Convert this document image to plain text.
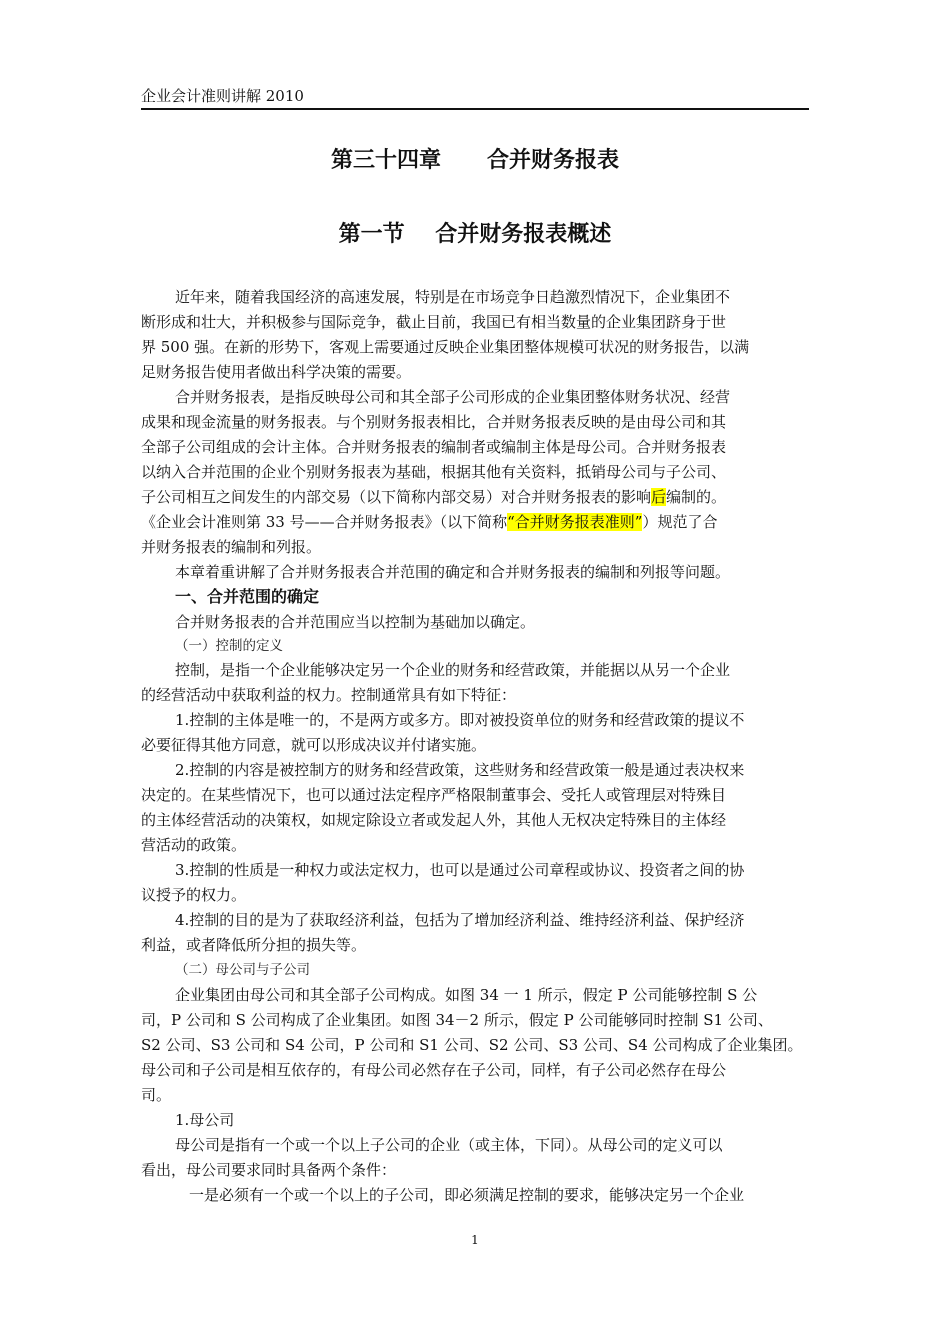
企业会计准则讲解 2010
第三十四章      合并财务报表
第一节    合并财务报表概述
近年来，随着我国经济的高速发展，特别是在市场竞争日趋激烈情况下，企业集团不
断形成和壮大，并积极参与国际竞争，截止目前，我国已有相当数量的企业集团跻身于世
界 500 强。在新的形势下，客观上需要通过反映企业集团整体规模可状况的财务报告，以满
足财务报告使用者做出科学决策的需要。
合并财务报表，是指反映母公司和其全部子公司形成的企业集团整体财务状况、经营
成果和现金流量的财务报表。与个别财务报表相比，合并财务报表反映的是由母公司和其
全部子公司组成的会计主体。合并财务报表的编制者或编制主体是母公司。合并财务报表
以纳入合并范围的企业个别财务报表为基础，根据其他有关资料，抵销母公司与子公司、
子公司相互之间发生的内部交易（以下简称内部交易）对合并财务报表的影响后编制的。
《企业会计准则第 33 号——合并财务报表》（以下简称“合并财务报表准则”）规范了合
并财务报表的编制和列报。
本章着重讲解了合并财务报表合并范围的确定和合并财务报表的编制和列报等问题。
一、合并范围的确定
合并财务报表的合并范围应当以控制为基础加以确定。
（一）控制的定义
控制，是指一个企业能够决定另一个企业的财务和经营政策，并能据以从另一个企业
的经营活动中获取利益的权力。控制通常具有如下特征：
1.控制的主体是唯一的，不是两方或多方。即对被投资单位的财务和经营政策的提议不
必要征得其他方同意，就可以形成决议并付诸实施。
2.控制的内容是被控制方的财务和经营政策，这些财务和经营政策一般是通过表决权来
决定的。在某些情况下，也可以通过法定程序严格限制董事会、受托人或管理层对特殊目
的主体经营活动的决策权，如规定除设立者或发起人外，其他人无权决定特殊目的主体经
营活动的政策。
3.控制的性质是一种权力或法定权力，也可以是通过公司章程或协议、投资者之间的协
议授予的权力。
4.控制的目的是为了获取经济利益，包括为了增加经济利益、维持经济利益、保护经济
利益，或者降低所分担的损失等。
（二）母公司与子公司
企业集团由母公司和其全部子公司构成。如图 34 一 1 所示，假定 P 公司能够控制 S 公
司，P 公司和 S 公司构成了企业集团。如图 34－2 所示，假定 P 公司能够同时控制 S1 公司、
S2 公司、S3 公司和 S4 公司，P 公司和 S1 公司、S2 公司、S3 公司、S4 公司构成了企业集团。
母公司和子公司是相互依存的，有母公司必然存在子公司，同样，有子公司必然存在母公
司。
1.母公司
母公司是指有一个或一个以上子公司的企业（或主体，下同）。从母公司的定义可以
看出，母公司要求同时具备两个条件：
一是必须有一个或一个以上的子公司，即必须满足控制的要求，能够决定另一个企业
1
